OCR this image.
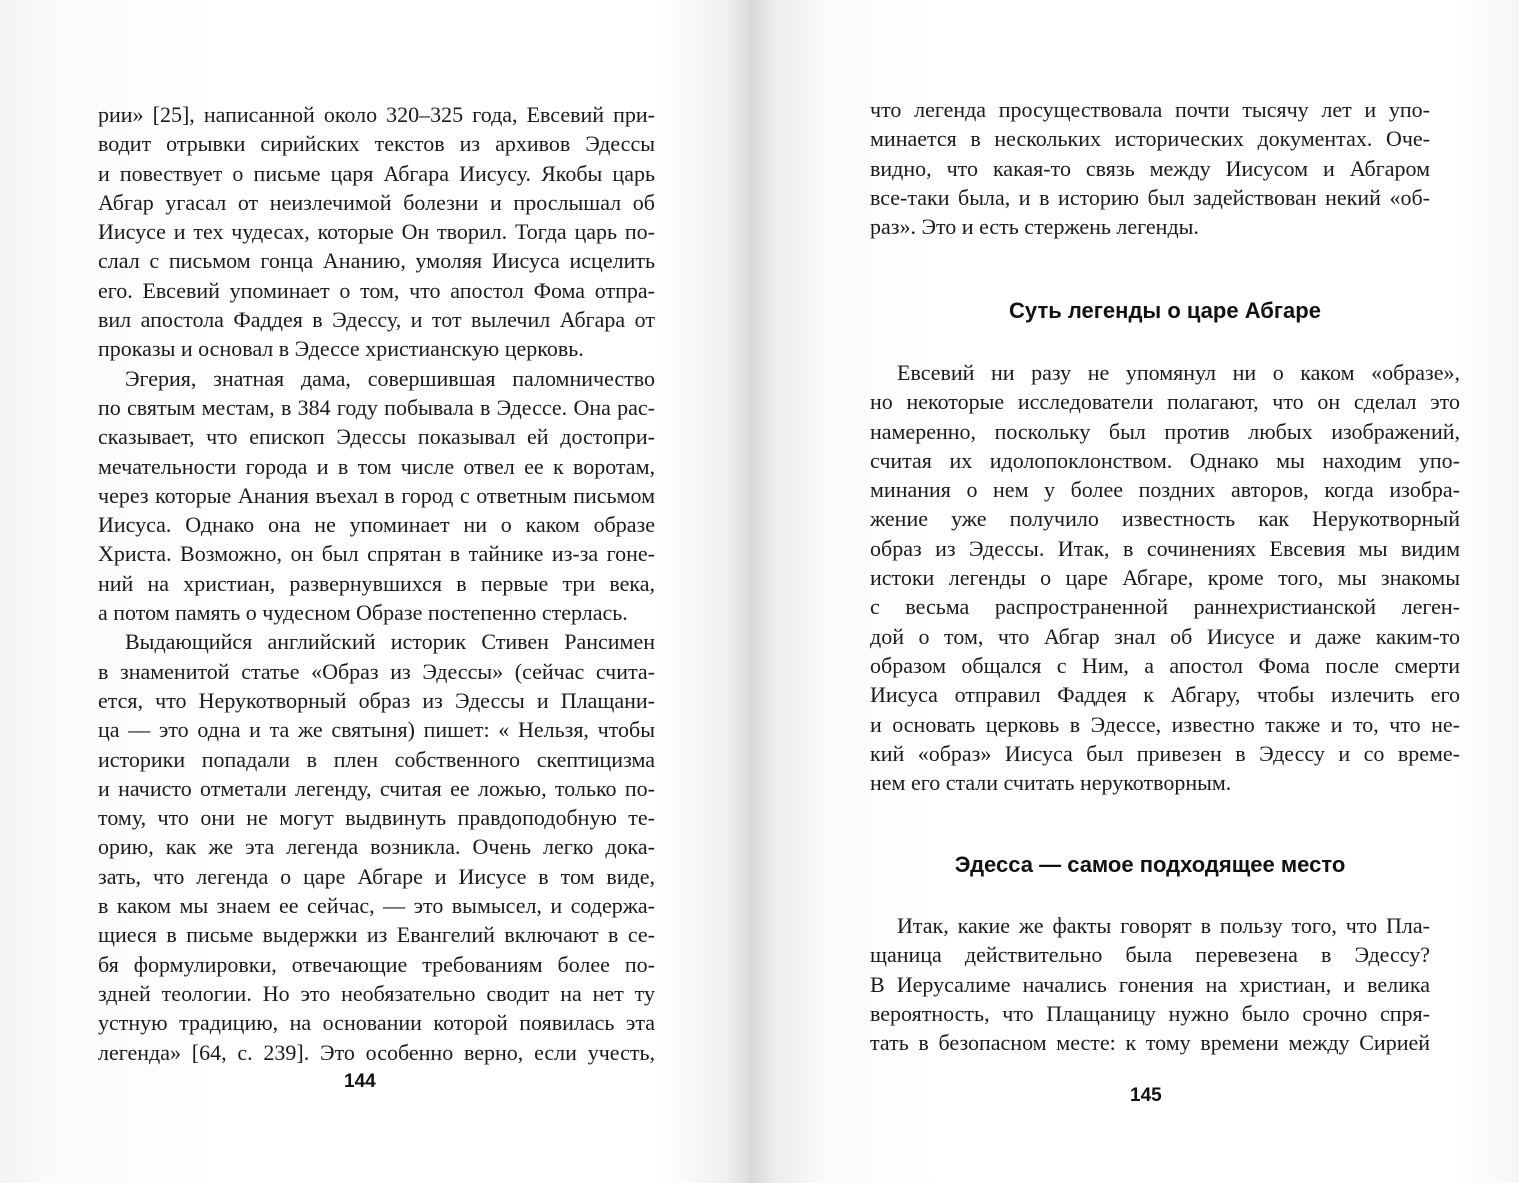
рии» [25], написанной около 320–325 года, Евсевий при-
водит отрывки сирийских текстов из архивов Эдессы
и повествует о письме царя Абгара Иисусу. Якобы царь
Абгар угасал от неизлечимой болезни и прослышал об
Иисусе и тех чудесах, которые Он творил. Тогда царь по-
слал с письмом гонца Ананию, умоляя Иисуса исцелить
его. Евсевий упоминает о том, что апостол Фома отпра-
вил апостола Фаддея в Эдессу, и тот вылечил Абгара от
проказы и основал в Эдессе христианскую церковь.
Эгерия, знатная дама, совершившая паломничество
по святым местам, в 384 году побывала в Эдессе. Она рас-
сказывает, что епископ Эдессы показывал ей достопри-
мечательности города и в том числе отвел ее к воротам,
через которые Анания въехал в город с ответным письмом
Иисуса. Однако она не упоминает ни о каком образе
Христа. Возможно, он был спрятан в тайнике из-за гоне-
ний на христиан, развернувшихся в первые три века,
а потом память о чудесном Образе постепенно стерлась.
Выдающийся английский историк Стивен Рансимен
в знаменитой статье «Образ из Эдессы» (сейчас счита-
ется, что Нерукотворный образ из Эдессы и Плащани-
ца — это одна и та же святыня) пишет: « Нельзя, чтобы
историки попадали в плен собственного скептицизма
и начисто отметали легенду, считая ее ложью, только по-
тому, что они не могут выдвинуть правдоподобную те-
орию, как же эта легенда возникла. Очень легко дока-
зать, что легенда о царе Абгаре и Иисусе в том виде,
в каком мы знаем ее сейчас, — это вымысел, и содержа-
щиеся в письме выдержки из Евангелий включают в се-
бя формулировки, отвечающие требованиям более по-
здней теологии. Но это необязательно сводит на нет ту
устную традицию, на основании которой появилась эта
легенда» [64, с. 239]. Это особенно верно, если учесть,
144
что легенда просуществовала почти тысячу лет и упо-
минается в нескольких исторических документах. Оче-
видно, что какая-то связь между Иисусом и Абгаром
все-таки была, и в историю был задействован некий «об-
раз». Это и есть стержень легенды.
Суть легенды о царе Абгаре
Евсевий ни разу не упомянул ни о каком «образе»,
но некоторые исследователи полагают, что он сделал это
намеренно, поскольку был против любых изображений,
считая их идолопоклонством. Однако мы находим упо-
минания о нем у более поздних авторов, когда изобра-
жение уже получило известность как Нерукотворный
образ из Эдессы. Итак, в сочинениях Евсевия мы видим
истоки легенды о царе Абгаре, кроме того, мы знакомы
с весьма распространенной раннехристианской леген-
дой о том, что Абгар знал об Иисусе и даже каким-то
образом общался с Ним, а апостол Фома после смерти
Иисуса отправил Фаддея к Абгару, чтобы излечить его
и основать церковь в Эдессе, известно также и то, что не-
кий «образ» Иисуса был привезен в Эдессу и со време-
нем его стали считать нерукотворным.
Эдесса — самое подходящее место
Итак, какие же факты говорят в пользу того, что Пла-
щаница действительно была перевезена в Эдессу?
В Иерусалиме начались гонения на христиан, и велика
вероятность, что Плащаницу нужно было срочно спря-
тать в безопасном месте: к тому времени между Сирией
145
